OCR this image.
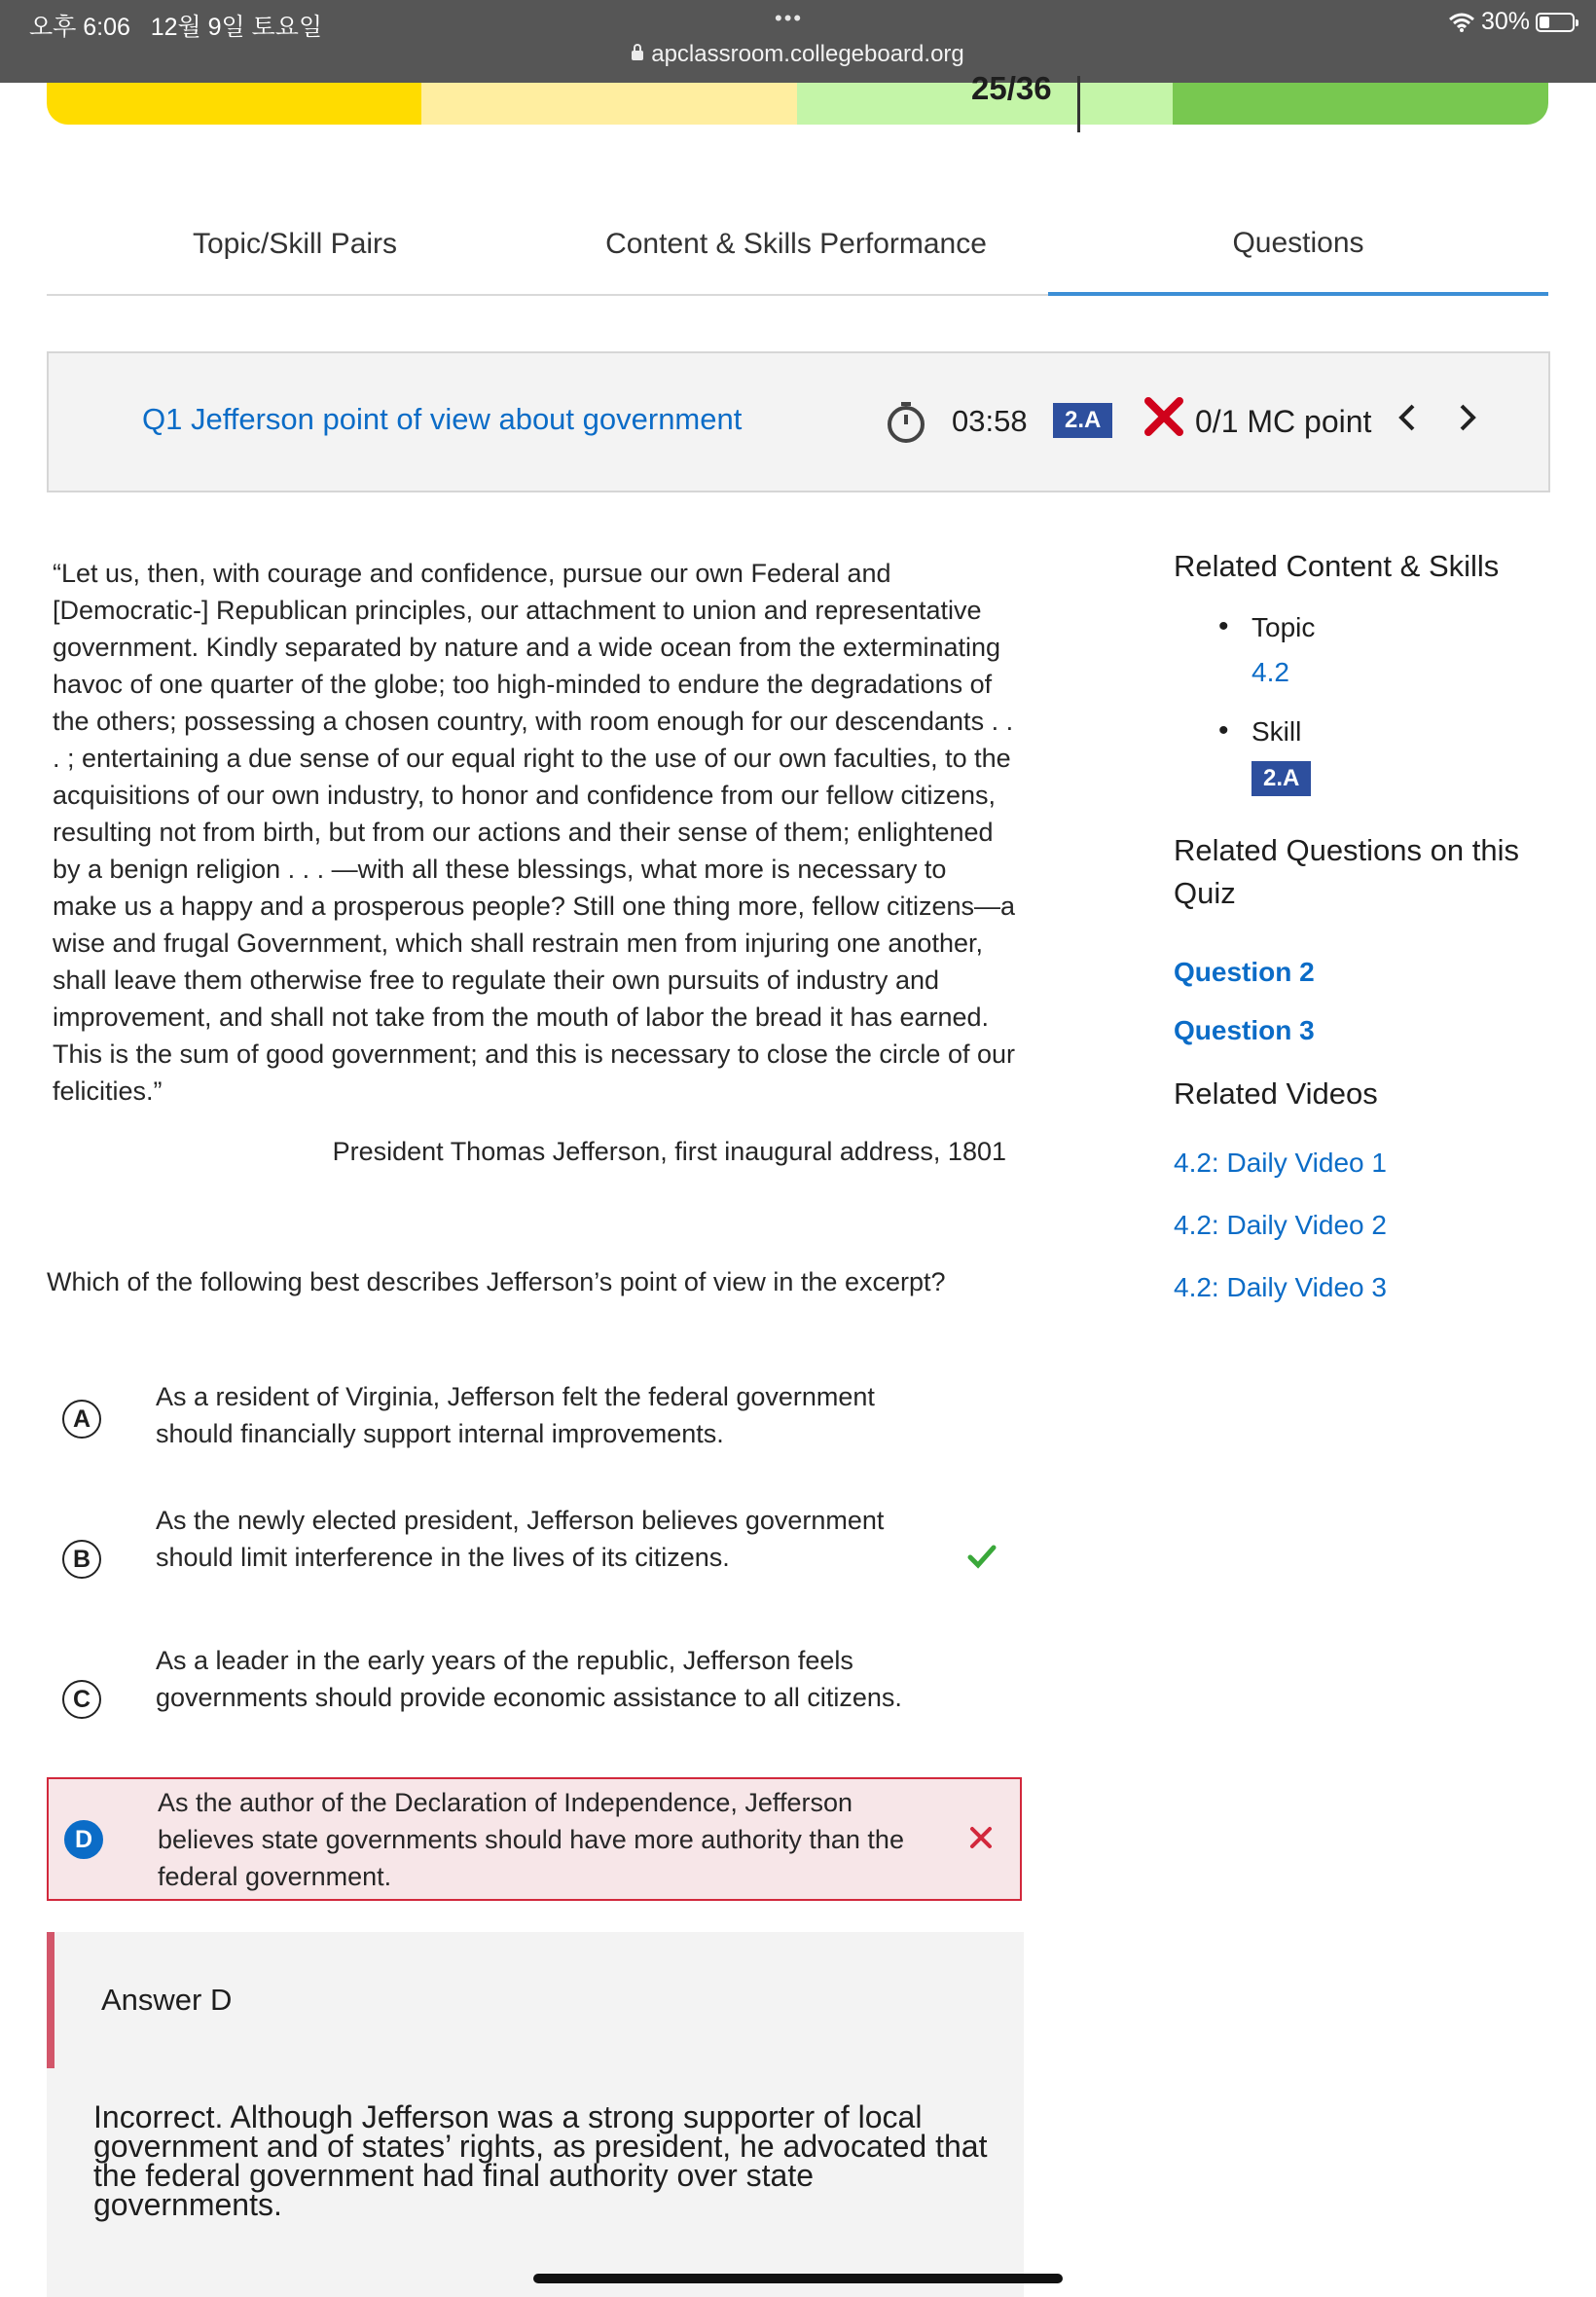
오후 6:06 12월 9일 토요일	•••
apclassroom.collegeboard.org
30%
25/36
Topic/Skill Pairs	Content & Skills Performance	Questions
Q1 Jefferson point of view about government	03:58	2.A	0/1 MC point
“Let us, then, with courage and confidence, pursue our own Federal and [Democratic-] Republican principles, our attachment to union and representative government. Kindly separated by nature and a wide ocean from the exterminating havoc of one quarter of the globe; too high-minded to endure the degradations of the others; possessing a chosen country, with room enough for our descendants . . . ; entertaining a due sense of our equal right to the use of our own faculties, to the acquisitions of our own industry, to honor and confidence from our fellow citizens, resulting not from birth, but from our actions and their sense of them; enlightened by a benign religion . . . —with all these blessings, what more is necessary to make us a happy and a prosperous people? Still one thing more, fellow citizens—a wise and frugal Government, which shall restrain men from injuring one another, shall leave them otherwise free to regulate their own pursuits of industry and improvement, and shall not take from the mouth of labor the bread it has earned. This is the sum of good government; and this is necessary to close the circle of our felicities.”
President Thomas Jefferson, first inaugural address, 1801
Which of the following best describes Jefferson’s point of view in the excerpt?
A
As a resident of Virginia, Jefferson felt the federal government should financially support internal improvements.
B
As the newly elected president, Jefferson believes government should limit interference in the lives of its citizens.
C
As a leader in the early years of the republic, Jefferson feels governments should provide economic assistance to all citizens.
D
As the author of the Declaration of Independence, Jefferson believes state governments should have more authority than the federal government.
Answer D
Incorrect. Although Jefferson was a strong supporter of local government and of states’ rights, as president, he advocated that the federal government had final authority over state governments.
Related Content & Skills
• Topic
4.2
• Skill
2.A
Related Questions on this Quiz
Question 2
Question 3
Related Videos
4.2: Daily Video 1
4.2: Daily Video 2
4.2: Daily Video 3
